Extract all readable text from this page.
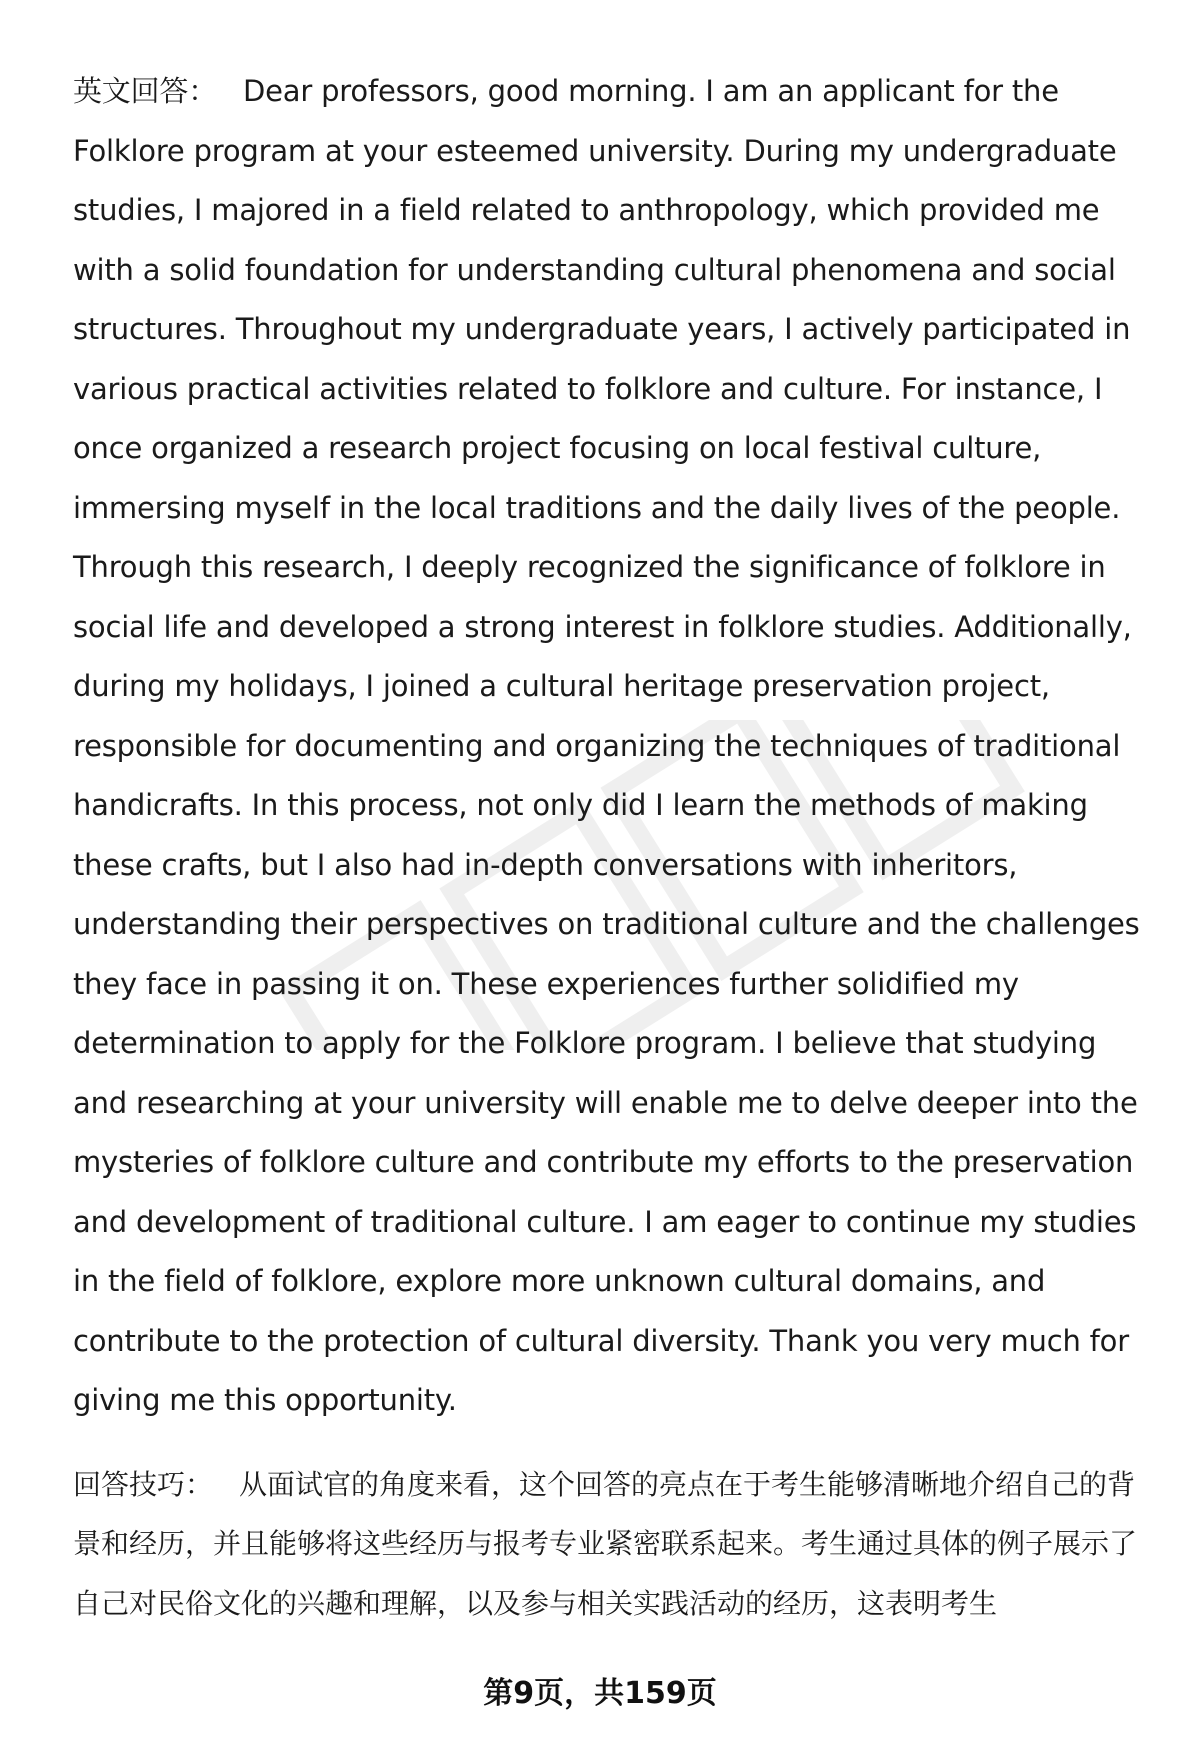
英文回答： Dear professors, good morning. I am an applicant for the Folklore program at your esteemed university. During my undergraduate studies, I majored in a field related to anthropology, which provided me with a solid foundation for understanding cultural phenomena and social structures. Throughout my undergraduate years, I actively participated in various practical activities related to folklore and culture. For instance, I once organized a research project focusing on local festival culture, immersing myself in the local traditions and the daily lives of the people. Through this research, I deeply recognized the significance of folklore in social life and developed a strong interest in folklore studies. Additionally, during my holidays, I joined a cultural heritage preservation project, responsible for documenting and organizing the techniques of traditional handicrafts. In this process, not only did I learn the methods of making these crafts, but I also had in-depth conversations with inheritors, understanding their perspectives on traditional culture and the challenges they face in passing it on. These experiences further solidified my determination to apply for the Folklore program. I believe that studying and researching at your university will enable me to delve deeper into the mysteries of folklore culture and contribute my efforts to the preservation and development of traditional culture. I am eager to continue my studies in the field of folklore, explore more unknown cultural domains, and contribute to the protection of cultural diversity. Thank you very much for giving me this opportunity.

回答技巧： 从面试官的角度来看，这个回答的亮点在于考生能够清晰地介绍自己的背景和经历，并且能够将这些经历与报考专业紧密联系起来。考生通过具体的例子展示了自己对民俗文化的兴趣和理解，以及参与相关实践活动的经历，这表明考生

第9页，共159页
